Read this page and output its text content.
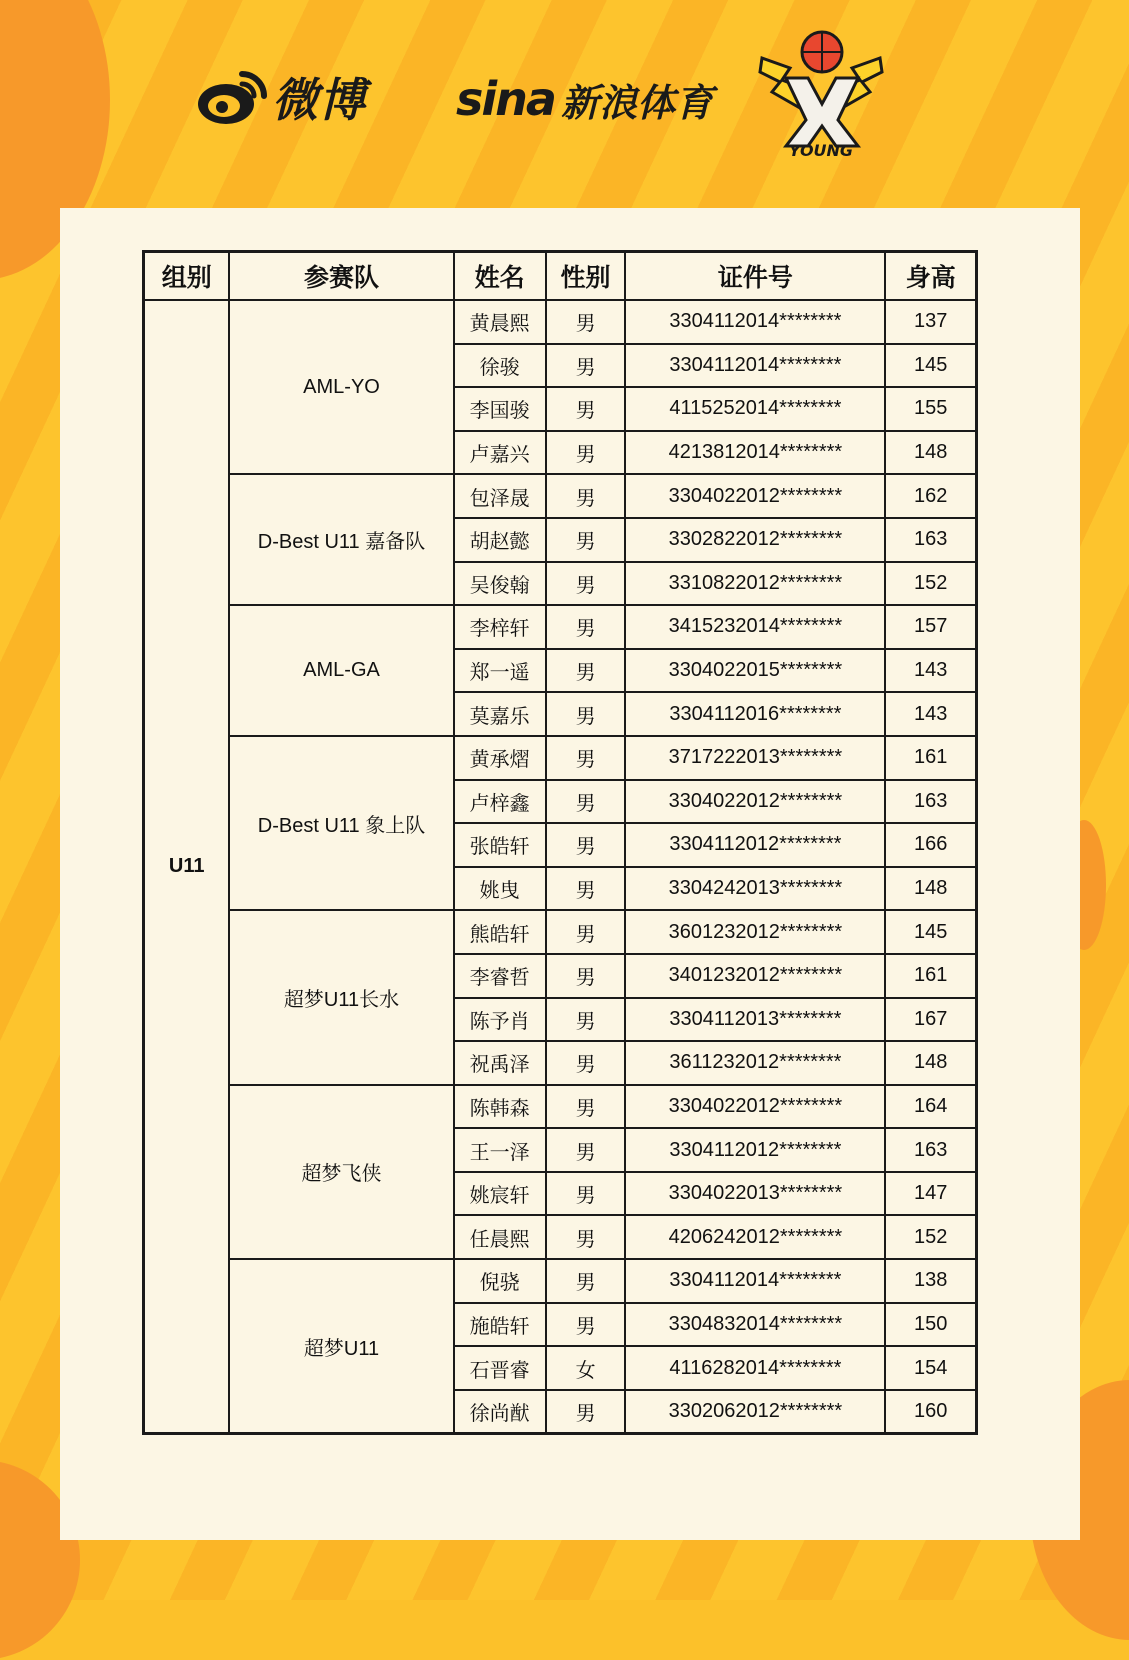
微博 sina 新浪体育
YOUNG
组别	参赛队	姓名	性别	证件号	身高
U11	AML-YO	黄晨熙	男	3304112014********	137
		徐骏	男	3304112014********	145
		李国骏	男	4115252014********	155
		卢嘉兴	男	4213812014********	148
	D-Best U11 嘉备队	包泽晟	男	3304022012********	162
		胡赵懿	男	3302822012********	163
		吴俊翰	男	3310822012********	152
	AML-GA	李梓轩	男	3415232014********	157
		郑一遥	男	3304022015********	143
		莫嘉乐	男	3304112016********	143
	D-Best U11 象上队	黄承熠	男	3717222013********	161
		卢梓鑫	男	3304022012********	163
		张皓轩	男	3304112012********	166
		姚曳	男	3304242013********	148
	超梦U11长水	熊皓轩	男	3601232012********	145
		李睿哲	男	3401232012********	161
		陈予肖	男	3304112013********	167
		祝禹泽	男	3611232012********	148
	超梦飞侠	陈韩森	男	3304022012********	164
		王一泽	男	3304112012********	163
		姚宸轩	男	3304022013********	147
		任晨熙	男	4206242012********	152
	超梦U11	倪骁	男	3304112014********	138
		施皓轩	男	3304832014********	150
		石晋睿	女	4116282014********	154
		徐尚猷	男	3302062012********	160
